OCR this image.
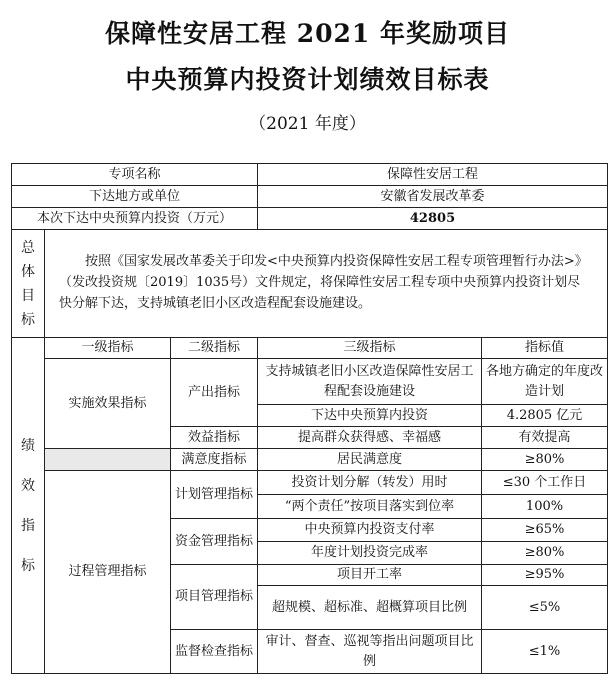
保障性安居工程 2021 年奖励项目
中央预算内投资计划绩效目标表
（2021 年度）
专项名称			保障性安居工程	
下达地方或单位			安徽省发展改革委	
本次下达中央预算内投资（万元）			42805	
总
体
目
标	按照《国家发展改革委关于印发<中央预算内投资保障性安居工程专项管理暂行办法>》（发改投资规〔2019〕1035号）文件规定，将保障性安居工程专项中央预算内投资计划尽快分解下达，支持城镇老旧小区改造程配套设施建设。			

绩
效
指
标	一级指标	二级指标	三级指标	指标值
	实施效果指标	产出指标	支持城镇老旧小区改造保障性安居工程配套设施建设	各地方确定的年度改造计划
			下达中央预算内投资	4.2805 亿元
		效益指标	提高群众获得感、幸福感	有效提高
		满意度指标	居民满意度	≥80%
	过程管理指标	计划管理指标	投资计划分解（转发）用时	≤30 个工作日
			“两个责任”按项目落实到位率	100%
		资金管理指标	中央预算内投资支付率	≥65%
			年度计划投资完成率	≥80%
		项目管理指标	项目开工率	≥95%
			超规模、超标准、超概算项目比例	≤5%
		监督检查指标	审计、督查、巡视等指出问题项目比例	≤1%
